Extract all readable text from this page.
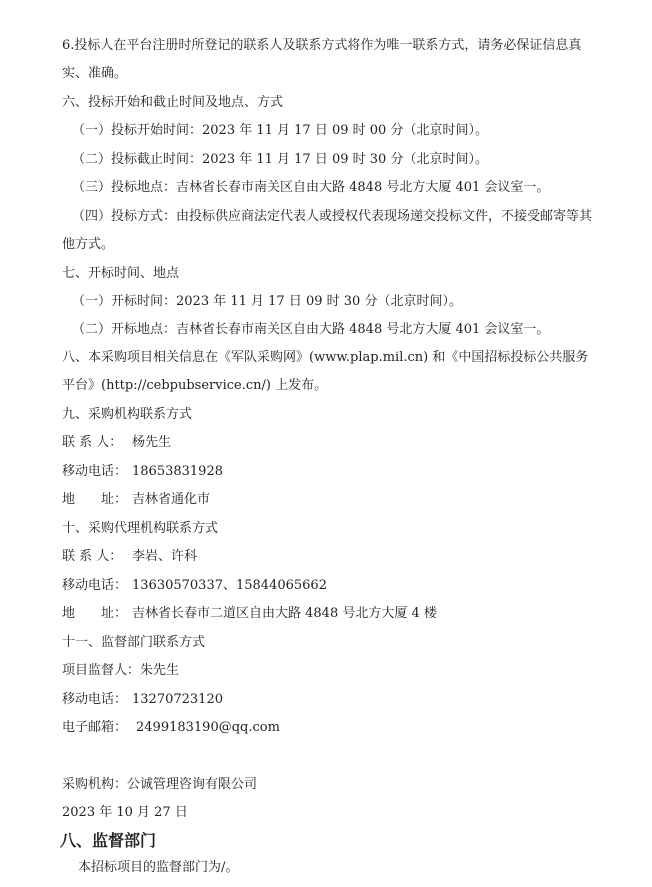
6.投标人在平台注册时所登记的联系人及联系方式将作为唯一联系方式，请务必保证信息真
实、准确。
六、投标开始和截止时间及地点、方式
（一）投标开始时间：2023 年 11 月 17 日 09 时 00 分（北京时间）。
（二）投标截止时间：2023 年 11 月 17 日 09 时 30 分（北京时间）。
（三）投标地点：吉林省长春市南关区自由大路 4848 号北方大厦 401 会议室一。
（四）投标方式：由投标供应商法定代表人或授权代表现场递交投标文件，不接受邮寄等其
他方式。
七、开标时间、地点
（一）开标时间：2023 年 11 月 17 日 09 时 30 分（北京时间）。
（二）开标地点：吉林省长春市南关区自由大路 4848 号北方大厦 401 会议室一。
八、本采购项目相关信息在《军队采购网》(www.plap.mil.cn) 和《中国招标投标公共服务
平台》(http://cebpubservice.cn/) 上发布。
九、采购机构联系方式
联 系 人： 杨先生
移动电话： 18653831928
地　　址： 吉林省通化市
十、采购代理机构联系方式
联 系 人： 李岩、许科
移动电话： 13630570337、15844065662
地　　址： 吉林省长春市二道区自由大路 4848 号北方大厦 4 楼
十一、监督部门联系方式
项目监督人：朱先生
移动电话： 13270723120
电子邮箱： 2499183190@qq.com
采购机构：公诚管理咨询有限公司
2023 年 10 月 27 日
八、监督部门
本招标项目的监督部门为/。
